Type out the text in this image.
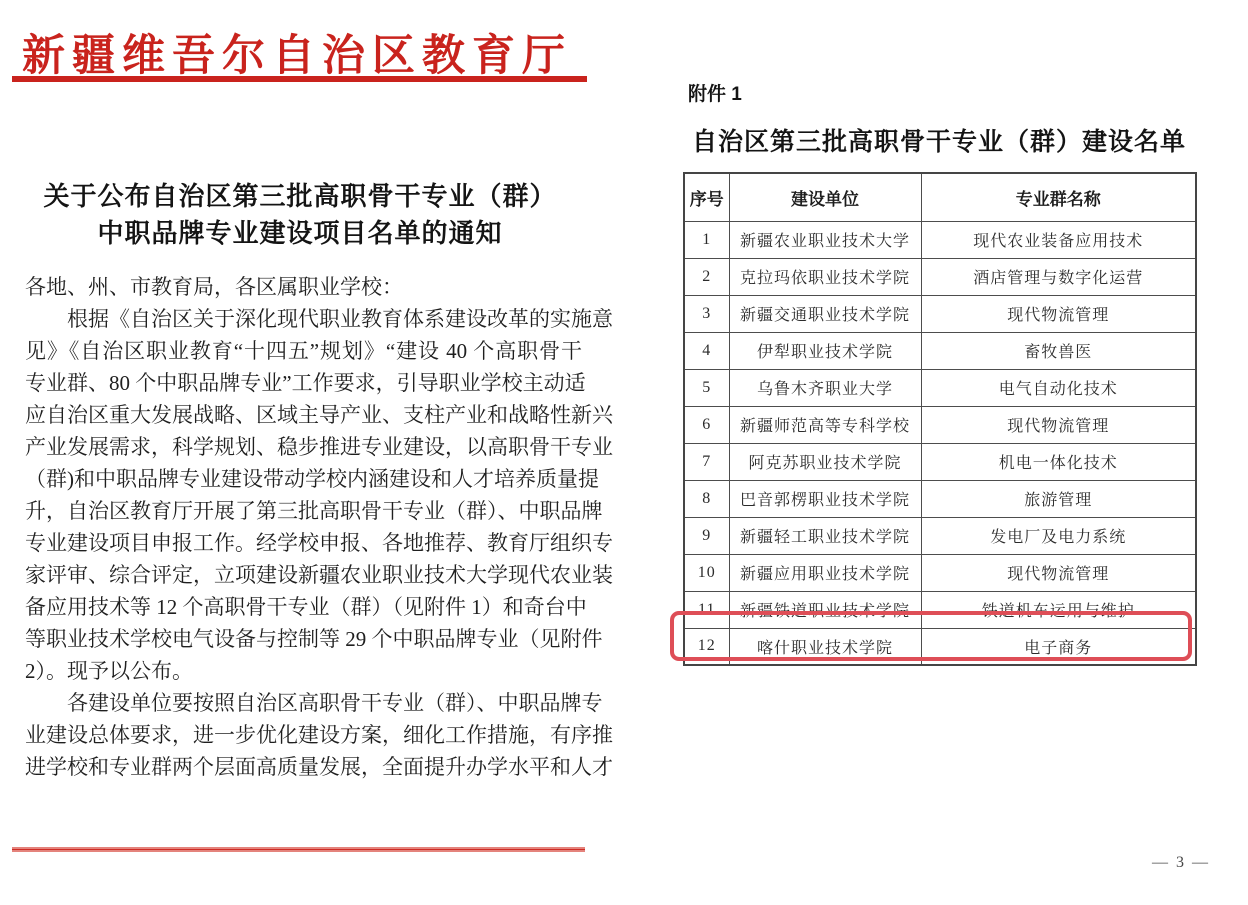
新疆维吾尔自治区教育厅
关于公布自治区第三批高职骨干专业（群）
中职品牌专业建设项目名单的通知
各地、州、市教育局，各区属职业学校：
　　根据《自治区关于深化现代职业教育体系建设改革的实施意
见》《自治区职业教育“十四五”规划》“建设 40 个高职骨干
专业群、80 个中职品牌专业”工作要求，引导职业学校主动适
应自治区重大发展战略、区域主导产业、支柱产业和战略性新兴
产业发展需求，科学规划、稳步推进专业建设，以高职骨干专业
（群)和中职品牌专业建设带动学校内涵建设和人才培养质量提
升，自治区教育厅开展了第三批高职骨干专业（群）、中职品牌
专业建设项目申报工作。经学校申报、各地推荐、教育厅组织专
家评审、综合评定，立项建设新疆农业职业技术大学现代农业装
备应用技术等 12 个高职骨干专业（群）（见附件 1）和奇台中
等职业技术学校电气设备与控制等 29 个中职品牌专业（见附件
2）。现予以公布。
　　各建设单位要按照自治区高职骨干专业（群）、中职品牌专
业建设总体要求，进一步优化建设方案，细化工作措施，有序推
进学校和专业群两个层面高质量发展，全面提升办学水平和人才
附件 1
自治区第三批高职骨干专业（群）建设名单
序号	建设单位	专业群名称
1	新疆农业职业技术大学	现代农业装备应用技术
2	克拉玛依职业技术学院	酒店管理与数字化运营
3	新疆交通职业技术学院	现代物流管理
4	伊犁职业技术学院	畜牧兽医
5	乌鲁木齐职业大学	电气自动化技术
6	新疆师范高等专科学校	现代物流管理
7	阿克苏职业技术学院	机电一体化技术
8	巴音郭楞职业技术学院	旅游管理
9	新疆轻工职业技术学院	发电厂及电力系统
10	新疆应用职业技术学院	现代物流管理
11	新疆铁道职业技术学院	铁道机车运用与维护
12	喀什职业技术学院	电子商务
— 3 —
